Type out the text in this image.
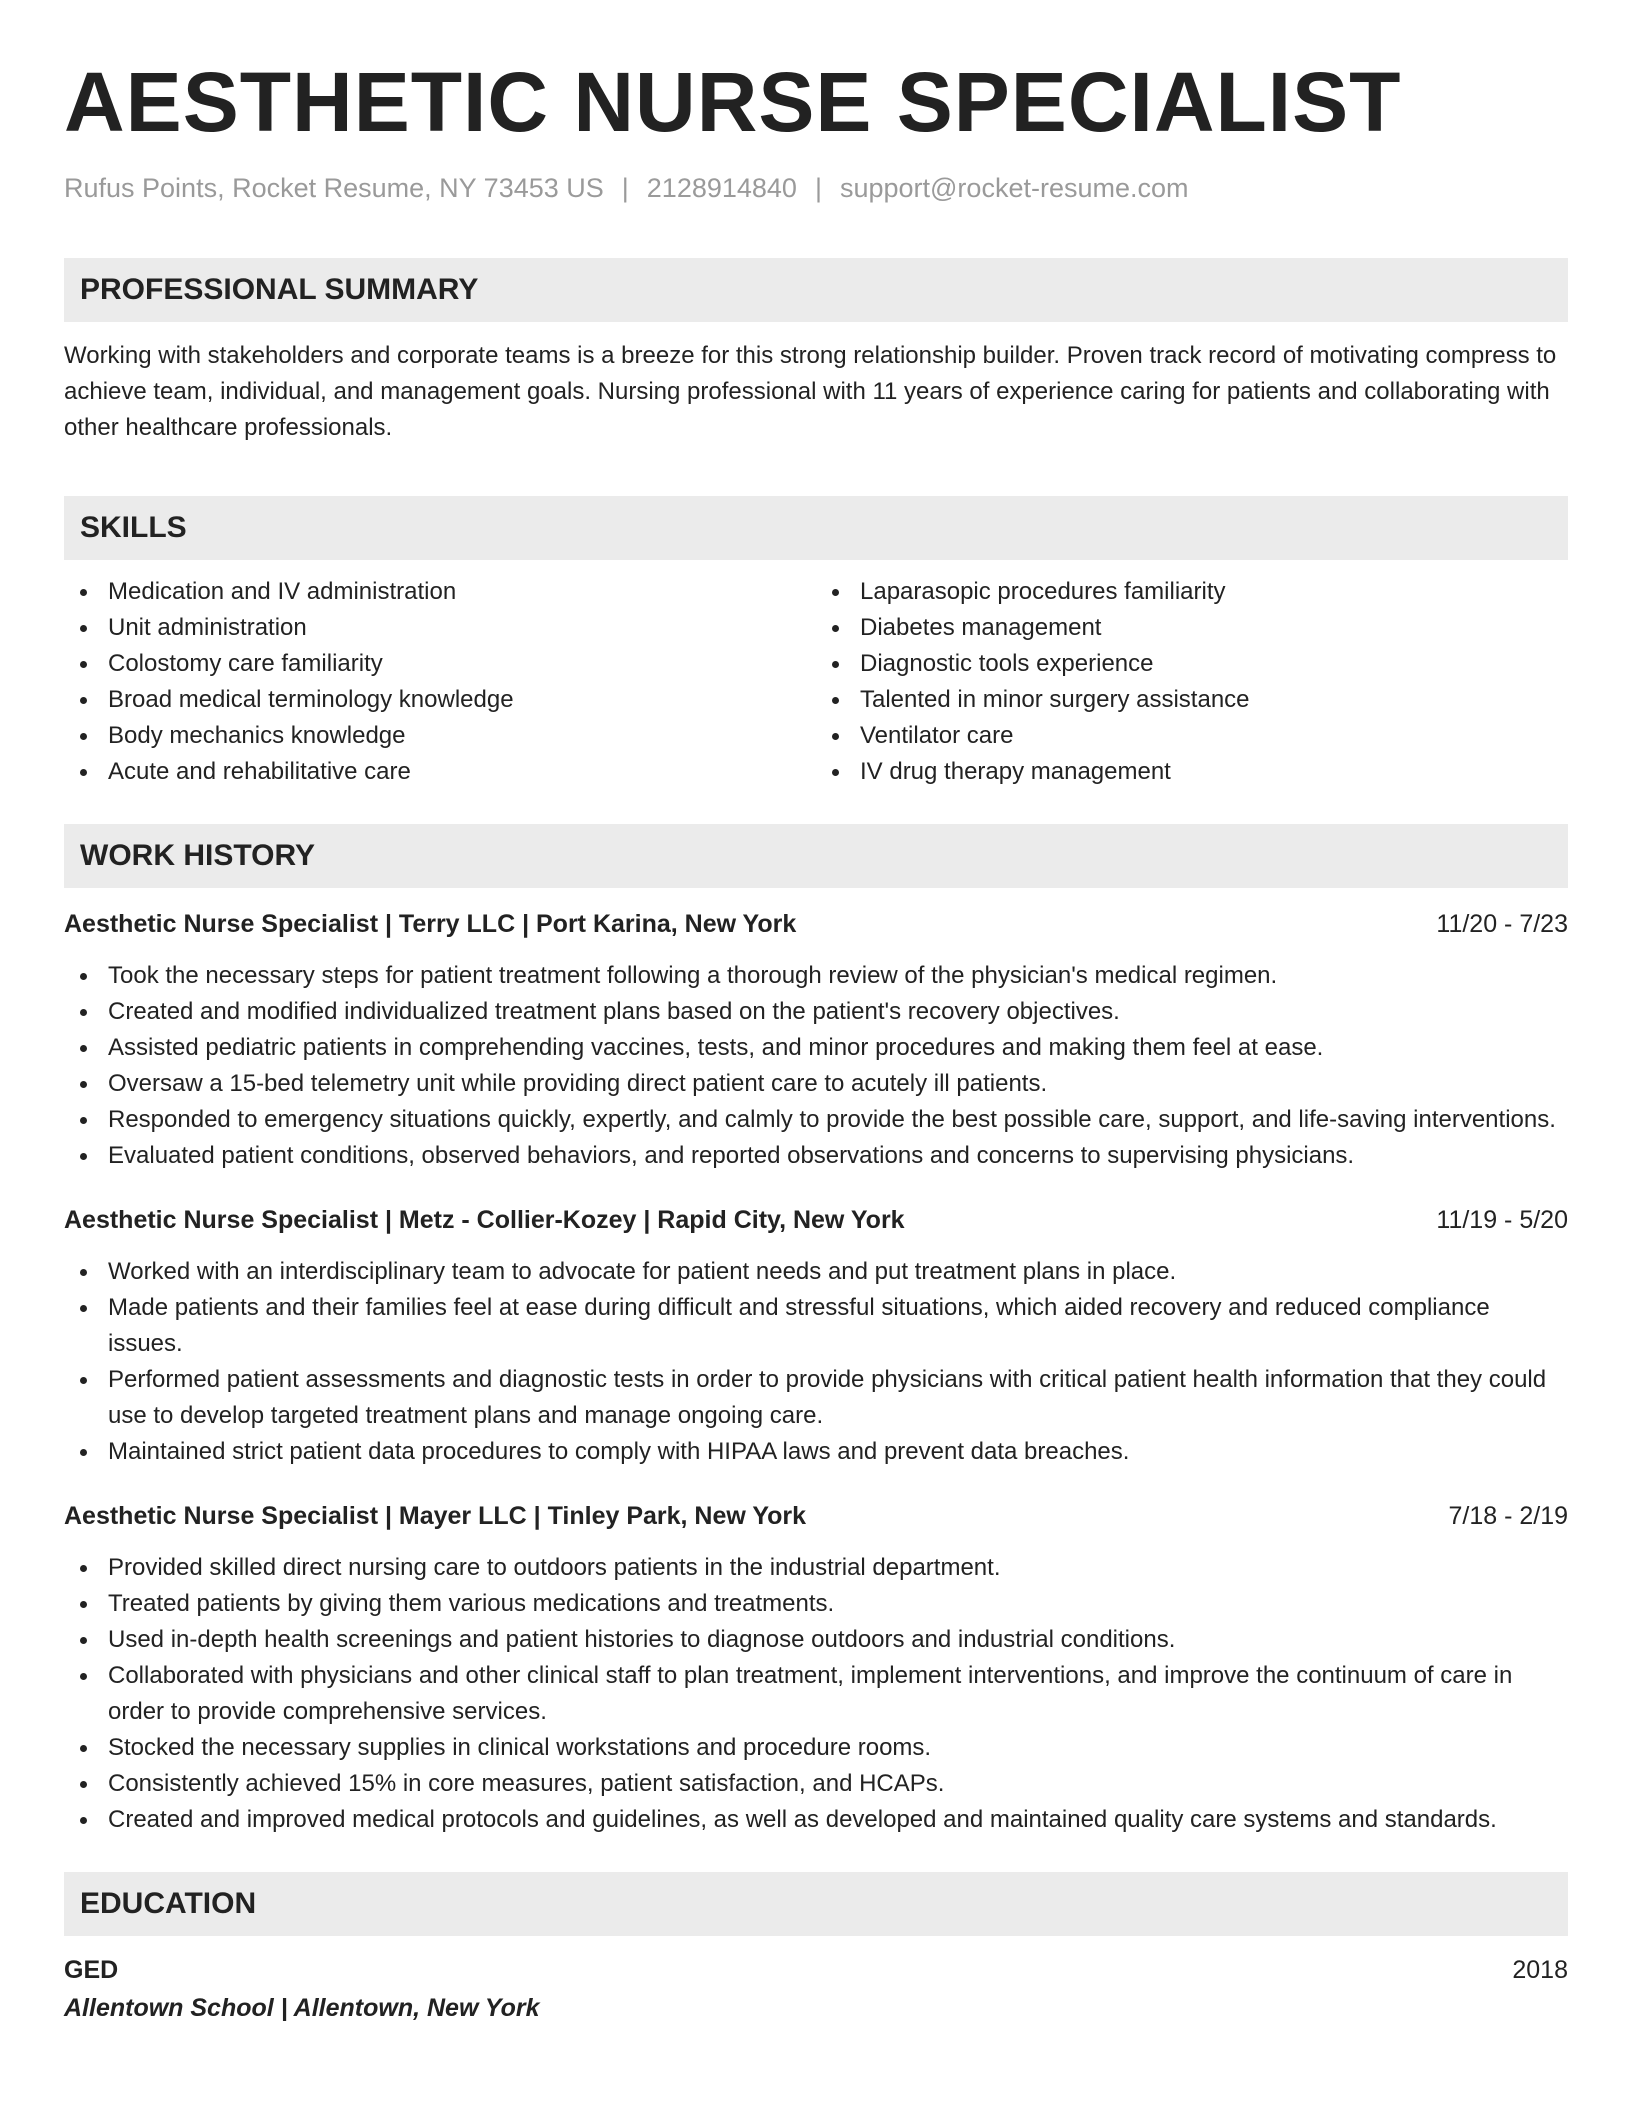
AESTHETIC NURSE SPECIALIST
Rufus Points, Rocket Resume, NY 73453 US | 2128914840 | support@rocket-resume.com
PROFESSIONAL SUMMARY
Working with stakeholders and corporate teams is a breeze for this strong relationship builder. Proven track record of motivating compress to achieve team, individual, and management goals. Nursing professional with 11 years of experience caring for patients and collaborating with other healthcare professionals.
SKILLS
Medication and IV administration
Unit administration
Colostomy care familiarity
Broad medical terminology knowledge
Body mechanics knowledge
Acute and rehabilitative care
Laparasopic procedures familiarity
Diabetes management
Diagnostic tools experience
Talented in minor surgery assistance
Ventilator care
IV drug therapy management
WORK HISTORY
Aesthetic Nurse Specialist | Terry LLC | Port Karina, New York	11/20 - 7/23
Took the necessary steps for patient treatment following a thorough review of the physician's medical regimen.
Created and modified individualized treatment plans based on the patient's recovery objectives.
Assisted pediatric patients in comprehending vaccines, tests, and minor procedures and making them feel at ease.
Oversaw a 15-bed telemetry unit while providing direct patient care to acutely ill patients.
Responded to emergency situations quickly, expertly, and calmly to provide the best possible care, support, and life-saving interventions.
Evaluated patient conditions, observed behaviors, and reported observations and concerns to supervising physicians.
Aesthetic Nurse Specialist | Metz - Collier-Kozey | Rapid City, New York	11/19 - 5/20
Worked with an interdisciplinary team to advocate for patient needs and put treatment plans in place.
Made patients and their families feel at ease during difficult and stressful situations, which aided recovery and reduced compliance issues.
Performed patient assessments and diagnostic tests in order to provide physicians with critical patient health information that they could use to develop targeted treatment plans and manage ongoing care.
Maintained strict patient data procedures to comply with HIPAA laws and prevent data breaches.
Aesthetic Nurse Specialist | Mayer LLC | Tinley Park, New York	7/18 - 2/19
Provided skilled direct nursing care to outdoors patients in the industrial department.
Treated patients by giving them various medications and treatments.
Used in-depth health screenings and patient histories to diagnose outdoors and industrial conditions.
Collaborated with physicians and other clinical staff to plan treatment, implement interventions, and improve the continuum of care in order to provide comprehensive services.
Stocked the necessary supplies in clinical workstations and procedure rooms.
Consistently achieved 15% in core measures, patient satisfaction, and HCAPs.
Created and improved medical protocols and guidelines, as well as developed and maintained quality care systems and standards.
EDUCATION
GED	2018
Allentown School | Allentown, New York
